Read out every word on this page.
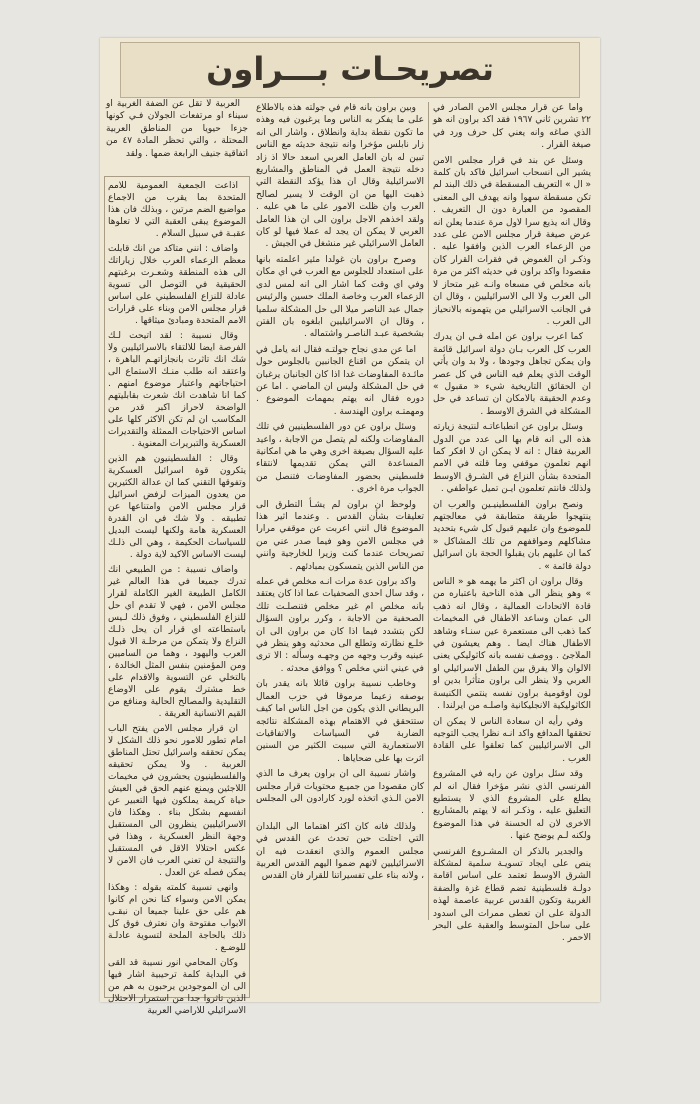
تصريحـات بـــراون

واما عن قرار مجلس الامن الصادر في ٢٢ تشرين ثاني ١٩٦٧ فقد اكد براون انه هو الذي صاغه وانه يعني كل حرف ورد في صيغة القرار .

وسئل عن بند في قرار مجلس الامن يشير الى انسحاب اسرائيل فاكد بان كلمة « ال » التعريف المسقطة في ذلك البند لم تكن مسقطة سهوا وانه يهدف الى المعنى المقصود من العبارة دون ال التعريف . وقال انه يذيع سرا لاول مرة عندما يعلن انه عرض صيغة قرار مجلس الامن على عدد من الزعماء العرب الذين وافقوا عليه . وذكـر ان الغموض في فقرات القرار كان مقصودا واكد براون في حديثه اكثر من مرة بانه مخلص في مسعاه وانـه غير متحاز لا الى العرب ولا الى الاسرائيليين ، وقال ان في الجانب الاسرائيلي من يتهمونه بالانحياز الى العرب .

كما اعرب براون عن امله فـي ان يدرك العرب كل العرب بـان دولة اسرائيل قائمة وان يمكن تجاهل وجودها ، ولا بد وان يأتي الوقت الذي يعلم فيه الناس في كل عصر ان الحقائق التاريخية شيء « مقبول » وعدم الحقيقة بالامكان ان تساعد في حل المشكلة في الشرق الاوسط .

وسئل براون عن انطباعاتـه لنتيجة زيارته هذه الى انه قام بها الى عدد من الدول العربية فقال : انه لا يمكن ان لا افكر كما انهم تعلمون موقفي وما قلته في الامم المتحدة بشأن النزاع في الشـرق الاوسط ولذلك فانتم تعلمون ايـن تميل عواطفي .

ونصح براون الفلسطينيـين والعرب ان ينتهجوا طريقة متطابقة في معالجتهم للموضوع وان عليهم قبول كل شيء بتحديد مشاكلهم ومواقفهم من تلك المشاكل « كما ان عليهم بان يقبلوا الحجة بان اسرائيل دولة قائمة » .

وقال براون ان اكثر ما يهمه هو « الناس » وهو ينظر الى هذه الناحية باعتباره من قادة الاتحادات العمالية ، وقال انه ذهب الى عمان وساعد الاطفال في المخيمات كما ذهب الى مستعمرة عين سنـاء وشاهد الاطفال هناك ايضا . وهم يعيشون في الملاجئ . ووصف نفسه بانه كاثوليكي يعنى الالوان والا يفرق بين الطفل الاسرائيلي او العربي ولا ينظر الى براون متأثرا بدين او لون اوقومية براون نفسه ينتمي الكنيسة الكاثوليكية الانجليكانية واصلـه من ايرلندا .

وفي رأيه ان سعادة الناس لا يمكن ان تحققها المدافع واكد انـه نظرا يجب التوجيه الى الاسرائيليين كما تعلقوا على القادة العرب .

وقد سئل براون عن رايه في المشروع الفرنسي الذي نشر مؤخرا فقال انه لم يطلع على المشروع الذي لا يستطيع التعليق عليه ، وذكـر انه لا يهتم بالمشاريع الاخرى لان له الحسنة في هذا الموضوع ولكنه لـم يوضح عنها .

والجدير بالذكر ان المشـروع الفرنسي ينص على ايجاد تسويـة سلمية لمشكلة الشرق الاوسط تعتمد على اساس اقامة دولـة فلسطينية تضم قطاع غزة والضفة الغربية وتكون القدس عربية عاصمة لهذه الدولة على ان تعطى ممرات الى اسدود على ساحل المتوسط والعقبة على البحر الاحمر .

وبين براون بانه قام في جولته هذه بالاطلاع على ما يفكر به الناس وما يرغبون فيه وهذه ما تكون نقطة بداية وانطلاق ، واشار الى انه زار نابلس مؤخرا وانه نتيجة حديثه مع الناس تبين له بان العامل العربي اسعد حالا اذ زاد دخله نتيجة العمل في المناطق والمشاريع الاسرائيلية وقال ان هذا يؤكد النقطة التي ذهبت اليها من ان الوقت لا يسير لصالح العرب وان ظلت الامور على ما هي عليه . ولقد اخذهم الاجل براون الى ان هذا العامل العربي لا يمكن ان يجد له عملا فيها لو كان العامل الاسرائيلي غير منشغل في الجيش .

وصرح براون بان غولدا مئير اعلمته بانها على استعداد للجلوس مع العرب في اي مكان وفي اي وقت كما اشار الى انه لمس لدى الزعماء العرب وخاصة الملك حسين والرئيس جمال عبد الناصر ميلا الى حل المشكلة سلميا ، وقال ان الاسرائيليين ابلغوه بان الفتن بشخصية عبـد الناصـر واشتماله .

اما عن مدى نجاح جولتـه فقال انه يامل في ان يتمكن من اقناع الجانبين بالجلوس حول مائـدة المفاوضات غدا اذا كان الجانبان يرغبان في حل المشكلة وليس ان الماضي . اما عن دوره فقال انه يهتم بمهمات الموضوع . ومهمتـه براون الهندسة .

وسئل براون عن دور الفلسطينيين في تلك المفاوضات ولكنه لم يتصل من الاجابة ، واعيد عليه السؤال بصيغة اخرى وهي ما هي امكانية المساعدة التي يمكن تقديمها لانتقاء فلسطيني بحضور المفاوضات فتنصل من الجواب مرة اخرى .

ولوحظ ان براون لم يشـأ التطرق الى تعليقات بشأن القدس . وعندما اثير هذا الموضوع قال انني اعربت عن موقفي مرارا في مجلس الامن وهو فيما صدر عني من تصريحات عندما كنت وزيرا للخارجية وانني من الناس الذين يتمسكون بمبادئهم .

واكد براون عدة مرات انـه مخلص في عمله ، وقد سال احدى الصحفيات عما اذا كان يعتقد بانه مخلص ام غير مخلص فتنصلـت تلك الصحفية من الاجابة ، وكرر براون السؤال لكن بتشدد فيما اذا كان من براون الى ان خلـع نظارته وتطلع الى محدثيه وهو ينظر في عينيه وقرب وجهه من وجهـه وسأله : الا ترى في عيني انني مخلص ؟ ووافق محدثه .

وخاطب نسيبة براون قائلا بانه يقدر بان بوصفه زعيما مرموقا في حزب العمال البريطاني الذي يكون من اجل الناس اما كيف ستتحقق في الاهتمام بهذه المشكلة نتائجه الضاربة في السياسات والاتفاقيات الاستعمارية التي سببت الكثير من السنين اثرت بها على ضحاياها .

واشار نسيبة الى ان براون يعرف ما الذي كان مقصودا من جميـع محتويات قرار مجلس الامن الـذي اتخذه لورد كارادون الى المجلس .

ولذلك فانه كان اكثر اهتماما الى البلدان التي احتلت حين تحدث عن القدس في مجلس العموم والذي انعقدت فيه ان الاسرائيليين لانهم ضموا اليهم القدس العربية ، ولانه بناء على تفسيراتنا للقرار فان القدس

العربية لا تقل عن الضفة الغربية او سيناء او مرتفعات الجولان فـي كونها جزءا حيويا من المناطق العربية المحتلة ، والتي تحظر المادة ٤٧ من اتفاقية جنيف الرابعة ضمها . ولقد

اذاعت الجمعية العمومية للامم المتحدة بما يقرب من الاجماع مواضيع الضم مرتين ، وبذلك فان هذا الموضوع يبقى العقبة التي لا تعلوها عقبـة في سبيل السلام .

واضاف : انني متاكد من انك قابلت معظم الزعماء العرب خلال زياراتك الى هذه المنطقة وشعـرت برغبتهم الحقيقية في التوصل الى تسوية عادلة للنزاع الفلسطيني على اساس قرار مجلس الامن وبناء على قرارات الامم المتحدة ومبادئ ميثاقها .

وقال نسيبة : لقد اتيحت لـك الفرصة ايضا للالتقاء بالاسرائيليين ولا شك انك تاثرت بانجازاتهـم الباهرة ، واعتقد انه طلب منـك الاستماع الى احتياجاتهم واعتبار موضوع امنهم . كما انا شاهدت انك شعرت بقابليتهم الواضحة لاحراز اكبر قدر من المكاسب ان لم تكن الاكثر كلها على اساس الاحتياجات الممثلة والتقديرات العسكرية والتبريرات المعنوية .

وقال : الفلسطينيون هم الذين يتكرون قوة اسرائيل العسكرية وتفوقها التقني كما ان عدالة الكثيرين من يعدون الميزات لرفض اسرائيل قرار مجلس الامن وامتناعها عن تطبيقه . ولا شك في ان القدرة العسكرية هامة ولكنها ليست البديل للسياسات الحكيمة ، وهي الى ذلـك ليست الاساس الاكيد لاية دولة .

واضاف نسيبة : من الطبيعي انك تدرك جميعا في هذا العالم غير الكامل الطبيعة الغير الكاملة لقرار مجلس الامن ، فهي لا تقدم اي حل للنزاع الفلسطيني ، وفوق ذلك لـيس باستطاعته اي قرار ان يحل ذلـك النزاع ولا يتمكن من مرحلـة الا قبول العرب واليهود ، وهما من الساميين ومن المؤمنين بنفس المثل الخالدة ، بالتخلي عن التسوية والاقدام على خط مشترك يقوم على الاوضاع التقليدية والمصالح الحالية ومنافع من القيم الانسانية العريقة .

ان قرار مجلس الامن يفتح الباب امام تطور للامور نحو ذلك الشكل لا يمكن تحققه واسرائيل تحتل المناطق العربية . ولا يمكن تحقيقه والفلسطينيون يحشرون في مخيمات اللاجئين ويمنع عنهم الحق في العيش حياة كريمة يملكون فيها التعبير عن انفسهم بشكل بناء . وهكذا فان الاسرائيليين ينظرون الى المستقبل وجهة النظر العسكرية ، وهذا في عكس احتلالا الاقل في المستقبل والنتيجة لن تعني العرب فان الامن لا يمكن فصله عن العدل .

وانهى نسيبة كلمته بقوله : وهكذا يمكن الامن وسواء كنا نحن ام كانوا هم على حق علينا جميعا ان نبقـى الابواب مفتوحة وان نعترف فوق كل ذلك بالحاجة الملحة لتسوية عادلـة للوضـع .

وكان المحامي انور نسيبة قد القى في البداية كلمة ترحيبية اشار فيها الى ان الموجودين يرحبون به هم من الذين تاثروا جدا من استمرار الاحتلال الاسرائيلي للاراضي العربية
